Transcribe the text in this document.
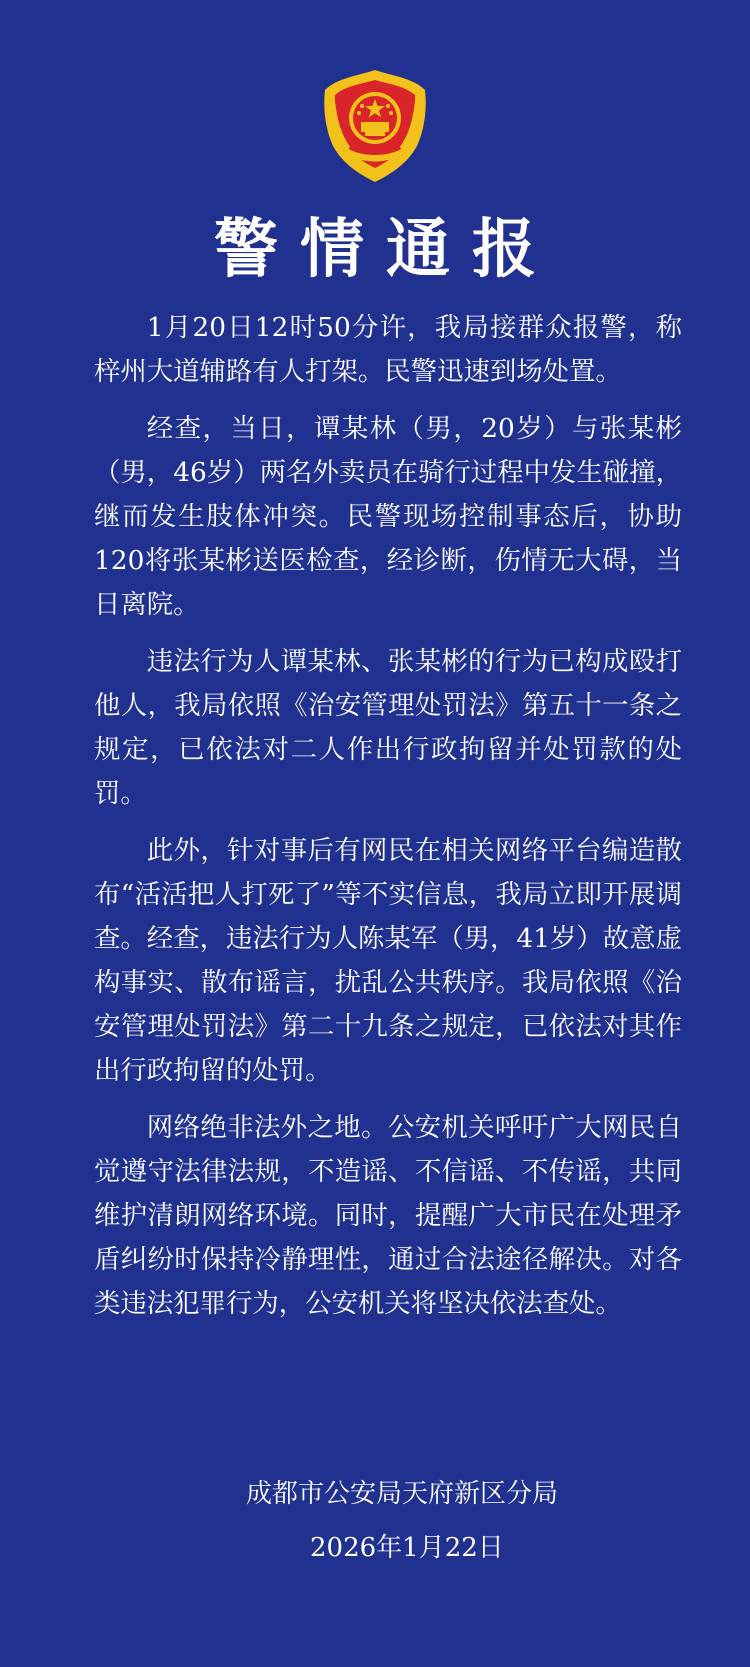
警情通报

1月20日12时50分许，我局接群众报警，称梓州大道辅路有人打架。民警迅速到场处置。

经查，当日，谭某林（男，20岁）与张某彬（男，46岁）两名外卖员在骑行过程中发生碰撞，继而发生肢体冲突。民警现场控制事态后，协助120将张某彬送医检查，经诊断，伤情无大碍，当日离院。

违法行为人谭某林、张某彬的行为已构成殴打他人，我局依照《治安管理处罚法》第五十一条之规定，已依法对二人作出行政拘留并处罚款的处罚。

此外，针对事后有网民在相关网络平台编造散布“活活把人打死了”等不实信息，我局立即开展调查。经查，违法行为人陈某军（男，41岁）故意虚构事实、散布谣言，扰乱公共秩序。我局依照《治安管理处罚法》第二十九条之规定，已依法对其作出行政拘留的处罚。

网络绝非法外之地。公安机关呼吁广大网民自觉遵守法律法规，不造谣、不信谣、不传谣，共同维护清朗网络环境。同时，提醒广大市民在处理矛盾纠纷时保持冷静理性，通过合法途径解决。对各类违法犯罪行为，公安机关将坚决依法查处。

成都市公安局天府新区分局
2026年1月22日
